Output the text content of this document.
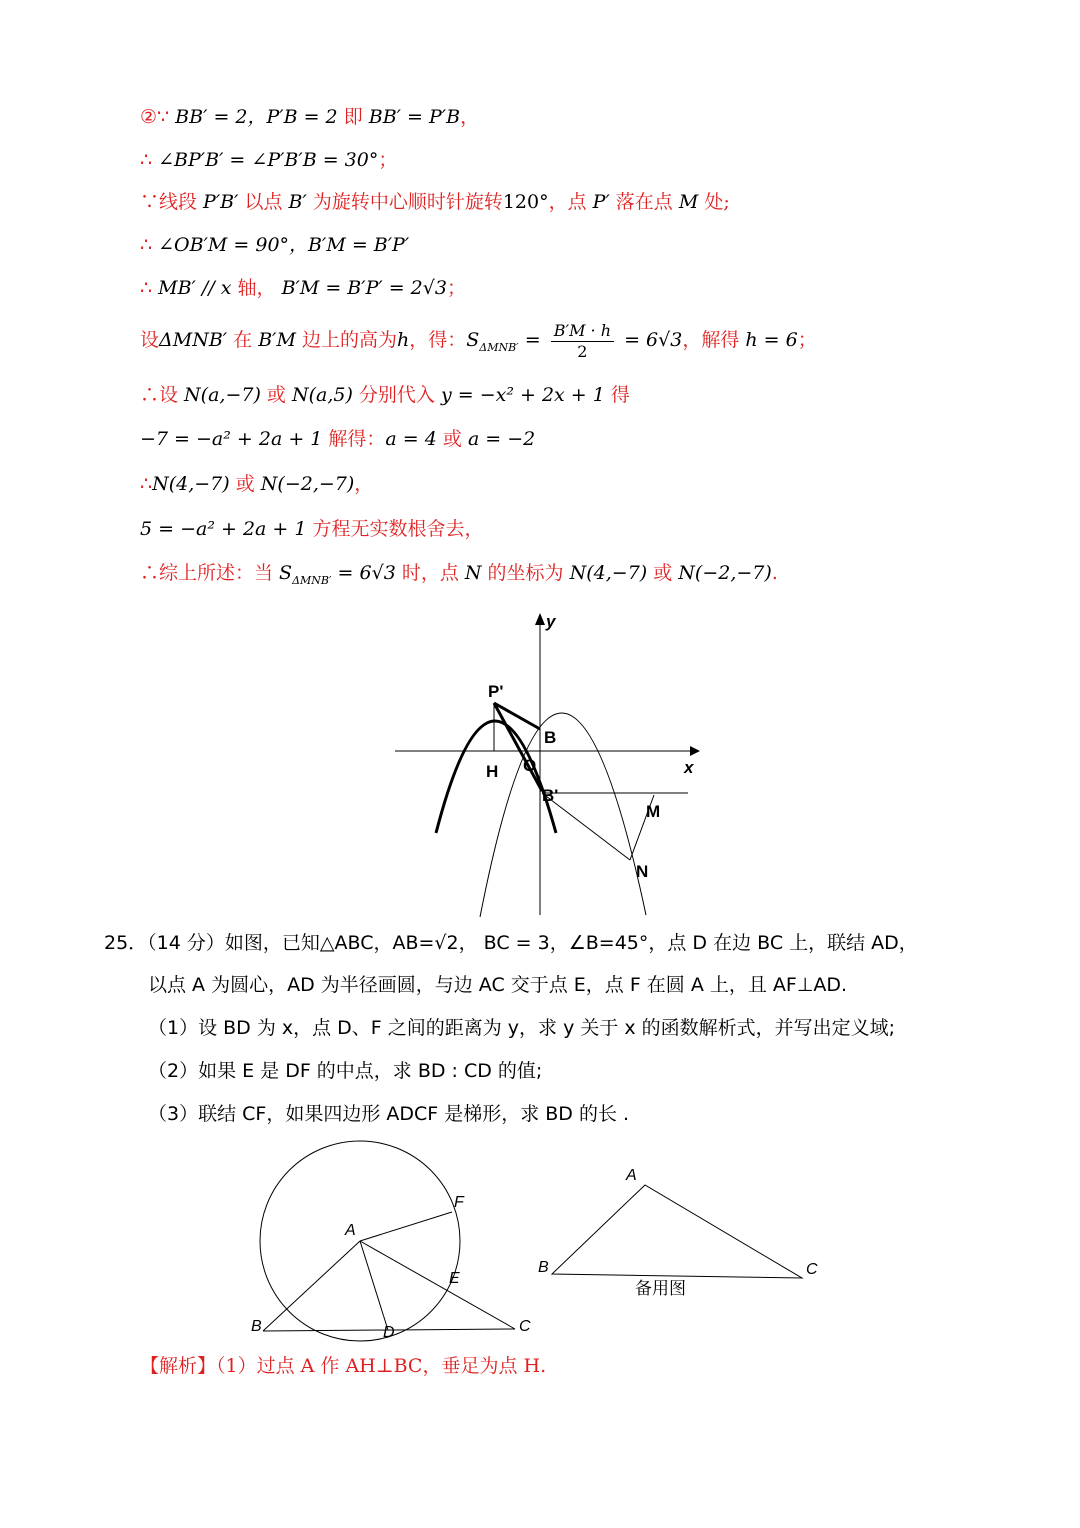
②∵ BB′ = 2，P′B = 2 即 BB′ = P′B，
∴ ∠BP′B′ = ∠P′B′B = 30°；
∵线段 P′B′ 以点 B′ 为旋转中心顺时针旋转120°，点 P′ 落在点 M 处;
∴ ∠OB′M = 90°，B′M = B′P′
∴ MB′ // x 轴， B′M = B′P′ = 2√3；
设ΔMNB′ 在 B′M 边上的高为h，得：$S_{\Delta MNB'} = \frac{B'M \cdot h}{2} = 6√3$，解得 h = 6；
∴设 N(a,−7) 或 N(a,5) 分别代入 y = −x² + 2x + 1 得
−7 = −a² + 2a + 1 解得：a = 4 或 a = −2
∴N(4,−7) 或 N(−2,−7)，
5 = −a² + 2a + 1 方程无实数根舍去，
∴综上所述：当 $S_{\Delta MNB'} = 6√3$ 时，点 N 的坐标为 N(4,−7) 或 N(−2,−7).
y
x
P'
B
H O
B'
M
N
25．（14 分）如图，已知△ABC，AB=√2， BC = 3，∠B=45°，点 D 在边 BC 上，联结 AD，
以点 A 为圆心，AD 为半径画圆，与边 AC 交于点 E，点 F 在圆 A 上，且 AF⊥AD.
（1）设 BD 为 x，点 D、F 之间的距离为 y，求 y 关于 x 的函数解析式，并写出定义域;
（2）如果 E 是 DF 的中点，求 BD : CD 的值;
（3）联结 CF，如果四边形 ADCF 是梯形，求 BD 的长 .
A
B	C
D
E
F
A
B	C
备用图
【解析】（1）过点 A 作 AH⊥BC，垂足为点 H.
